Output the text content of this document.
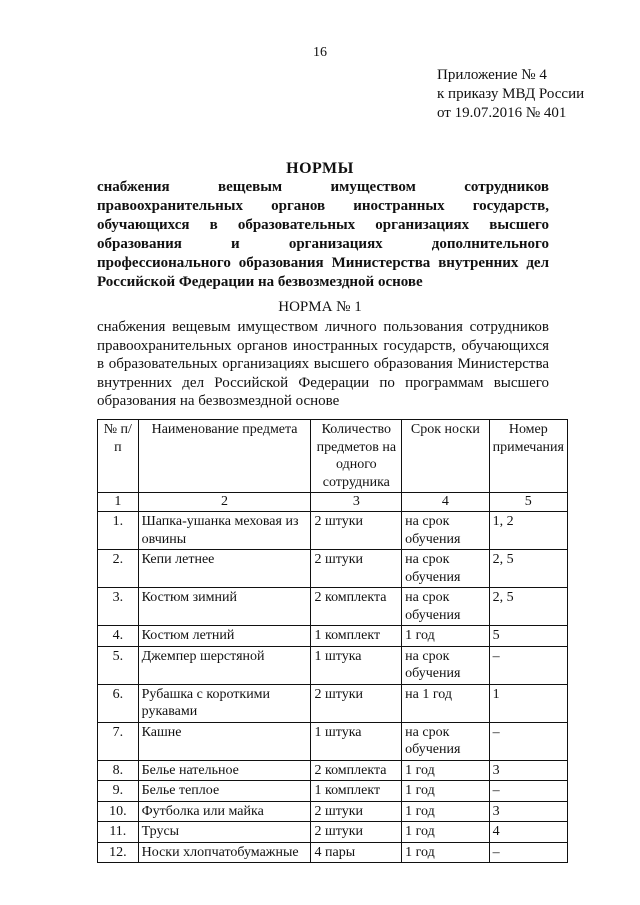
16
Приложение № 4
к приказу МВД России
от 19.07.2016 № 401
НОРМЫ
снабжения вещевым имуществом сотрудников правоохранительных органов иностранных государств, обучающихся в образовательных организациях высшего образования и организациях дополнительного профессионального образования Министерства внутренних дел Российской Федерации на безвозмездной основе
НОРМА № 1
снабжения вещевым имуществом личного пользования сотрудников правоохранительных органов иностранных государств, обучающихся в образовательных организациях высшего образования Министерства внутренних дел Российской Федерации по программам высшего образования на безвозмездной основе
№ п/п	Наименование предмета	Количество предметов на одного сотрудника	Срок носки	Номер примечания
1	2	3	4	5
1.	Шапка-ушанка меховая из овчины	2 штуки	на срок обучения	1, 2
2.	Кепи летнее	2 штуки	на срок обучения	2, 5
3.	Костюм зимний	2 комплекта	на срок обучения	2, 5
4.	Костюм летний	1 комплект	1 год	5
5.	Джемпер шерстяной	1 штука	на срок обучения	–
6.	Рубашка с короткими рукавами	2 штуки	на 1 год	1
7.	Кашне	1 штука	на срок обучения	–
8.	Белье нательное	2 комплекта	1 год	3
9.	Белье теплое	1 комплект	1 год	–
10.	Футболка или майка	2 штуки	1 год	3
11.	Трусы	2 штуки	1 год	4
12.	Носки хлопчатобумажные	4 пары	1 год	–
